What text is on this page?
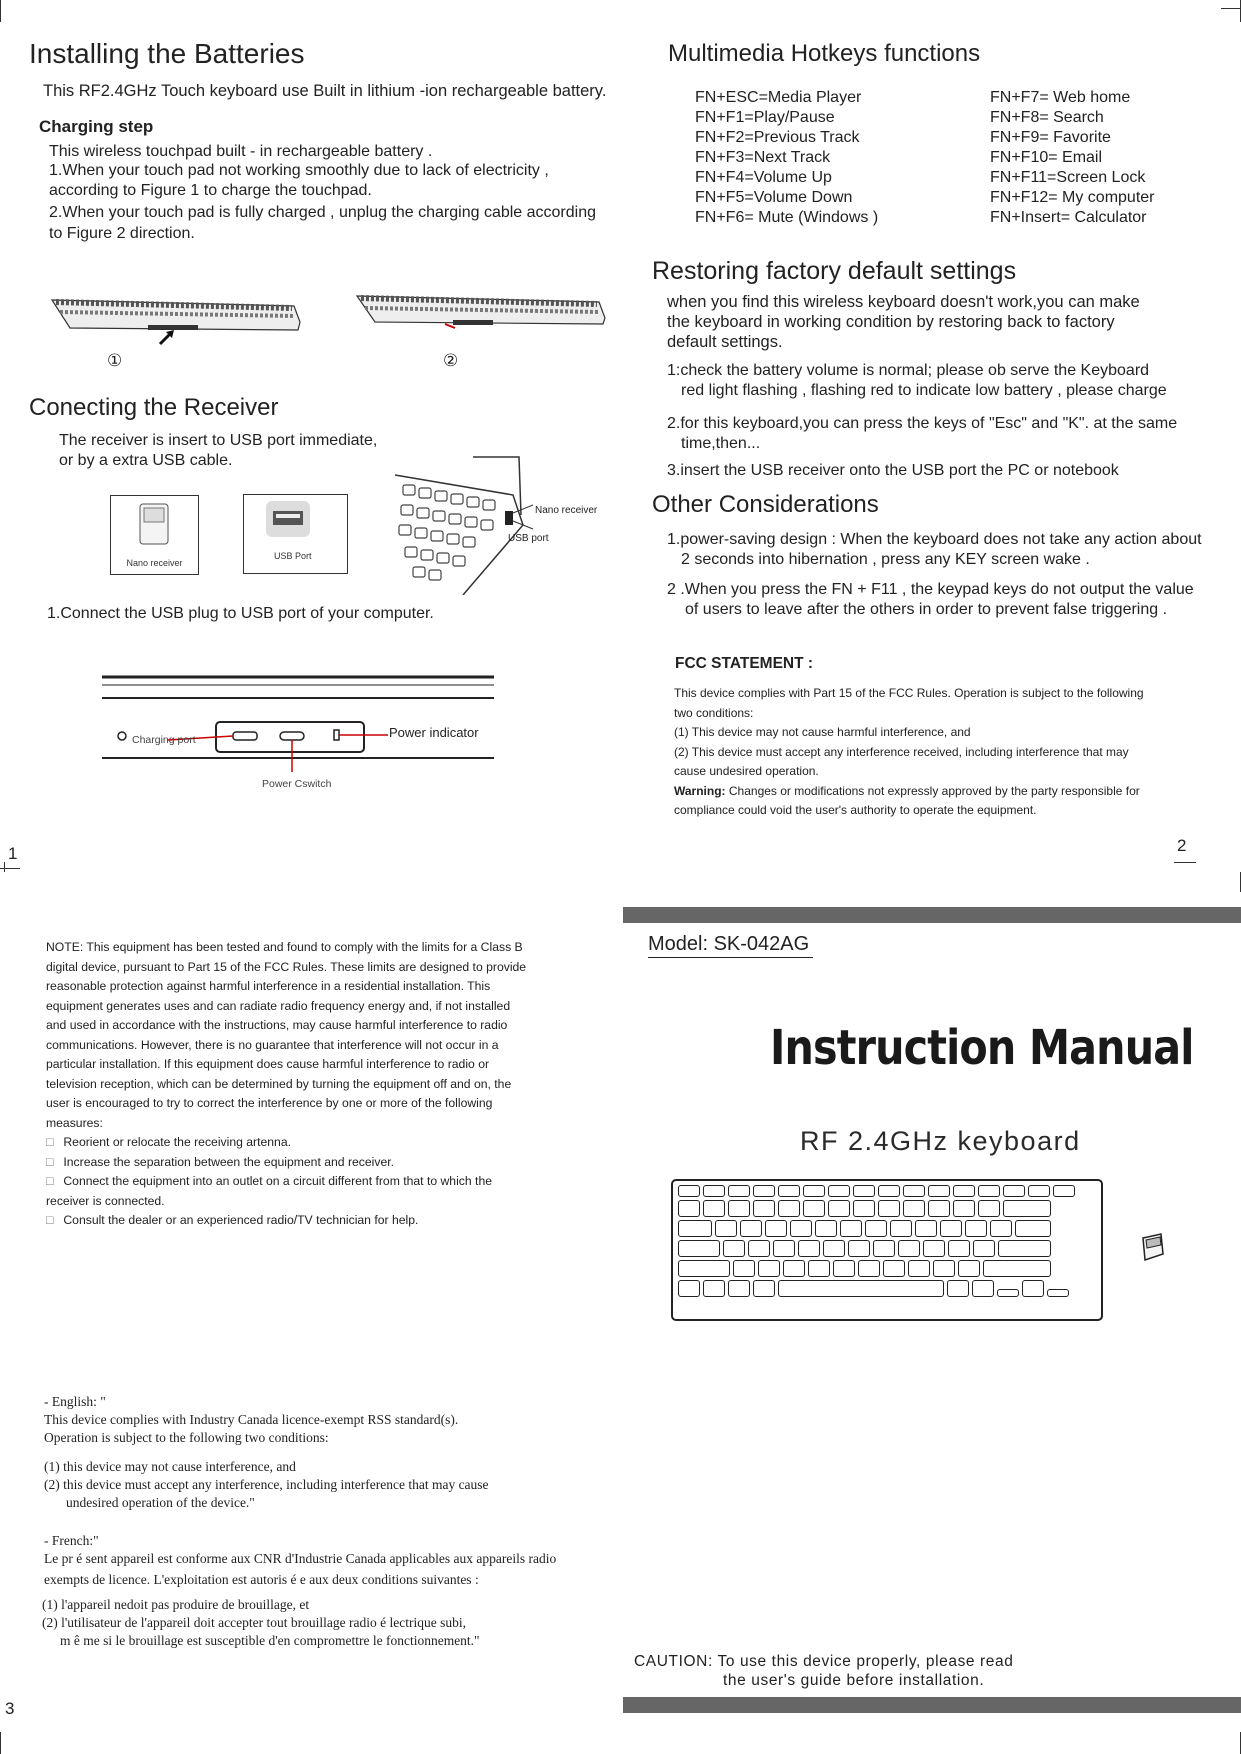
Installing the Batteries
This RF2.4GHz Touch keyboard use Built in lithium -ion rechargeable battery.
Charging step
This wireless touchpad built - in rechargeable battery .
1.When your touch pad not working smoothly due to lack of electricity ,
according to Figure 1 to charge the touchpad.
2.When your touch pad is fully charged , unplug the charging cable according
to Figure 2 direction.
①	②
Conecting the Receiver
The receiver is insert to USB port immediate,
or by a extra USB cable.
Nano receiver
USB Port
Nano receiver
USB port
1.Connect the USB plug to USB port of your computer.
Charging port	Power indicator
Power Cswitch
1
Multimedia Hotkeys functions
FN+ESC=Media Player
FN+F1=Play/Pause
FN+F2=Previous Track
FN+F3=Next Track
FN+F4=Volume Up
FN+F5=Volume Down
FN+F6= Mute (Windows )
FN+F7= Web home
FN+F8= Search
FN+F9= Favorite
FN+F10= Email
FN+F11=Screen Lock
FN+F12= My computer
FN+Insert= Calculator
Restoring factory default settings
when you find this wireless keyboard doesn't work,you can make
the keyboard in working condition by restoring back to factory
default settings.
1:check the battery volume is normal; please ob serve the Keyboard
red light flashing , flashing red to indicate low battery , please charge
2.for this keyboard,you can press the keys of "Esc" and "K". at the same
time,then...
3.insert the USB receiver onto the USB port the PC or notebook
Other Considerations
1.power-saving design : When the keyboard does not take any action about
2 seconds into hibernation , press any KEY screen wake .
2 .When you press the FN + F11 , the keypad keys do not output the value
of users to leave after the others in order to prevent false triggering .
FCC STATEMENT :
This device complies with Part 15 of the FCC Rules. Operation is subject to the following
two conditions:
(1) This device may not cause harmful interference, and
(2) This device must accept any interference received, including interference that may
cause undesired operation.
Warning: Changes or modifications not expressly approved by the party responsible for
compliance could void the user's authority to operate the equipment.
2
NOTE: This equipment has been tested and found to comply with the limits for a Class B
digital device, pursuant to Part 15 of the FCC Rules. These limits are designed to provide
reasonable protection against harmful interference in a residential installation. This
equipment generates uses and can radiate radio frequency energy and, if not installed
and used in accordance with the instructions, may cause harmful interference to radio
communications. However, there is no guarantee that interference will not occur in a
particular installation. If this equipment does cause harmful interference to radio or
television reception, which can be determined by turning the equipment off and on, the
user is encouraged to try to correct the interference by one or more of the following
measures:
□ Reorient or relocate the receiving artenna.
□ Increase the separation between the equipment and receiver.
□ Connect the equipment into an outlet on a circuit different from that to which the
receiver is connected.
□ Consult the dealer or an experienced radio/TV technician for help.
- English: "
This device complies with Industry Canada licence-exempt RSS standard(s).
Operation is subject to the following two conditions:
(1) this device may not cause interference, and
(2) this device must accept any interference, including interference that may cause
undesired operation of the device."
- French:"
Le pr é sent appareil est conforme aux CNR d'Industrie Canada applicables aux appareils radio
exempts de licence. L'exploitation est autoris é e aux deux conditions suivantes :
(1) l'appareil nedoit pas produire de brouillage, et
(2) l'utilisateur de l'appareil doit accepter tout brouillage radio é lectrique subi,
m ê me si le brouillage est susceptible d'en compromettre le fonctionnement."
3
Model: SK-042AG
Instruction Manual
RF 2.4GHz keyboard
CAUTION: To use this device properly, please read
the user's guide before installation.
